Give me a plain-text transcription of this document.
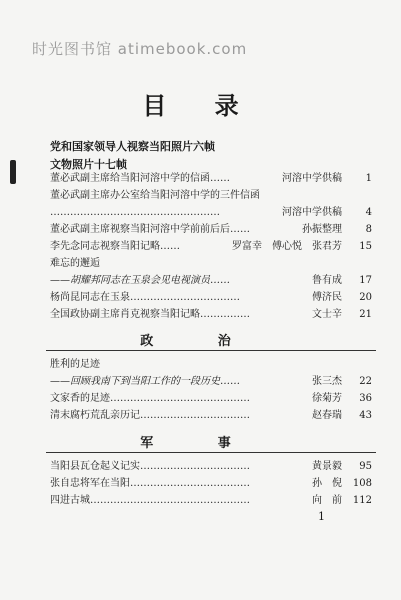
时光图书馆 atimebook.com
目 录
党和国家领导人视察当阳照片六帧
文物照片十七帧
董必武副主席给当阳河溶中学的信函……	河溶中学供稿	1
董必武副主席办公室给当阳河溶中学的三件信函
……………………………………………	河溶中学供稿	4
董必武副主席视察当阳河溶中学前前后后……	孙振整理	8
李先念同志视察当阳记略……	罗富幸　傅心悦　张君芳	15
难忘的邂逅
——胡耀邦同志在玉泉会见电视演员……	鲁有成	17
杨尚昆同志在玉泉……………………………	傅济民	20
全国政协副主席肖克视察当阳记略……………	文士辛	21
政 治
胜利的足迹
——回顾我南下到当阳工作的一段历史……	张三杰	22
文家香的足迹……………………………………	徐菊芳	36
清末腐朽荒乱亲历记……………………………	赵春瑞	43
军 事
当阳县瓦仓起义记实……………………………	黄景毅	95
张自忠将军在当阳………………………………	孙　倪	108
四进古城…………………………………………	向　前	112
1
